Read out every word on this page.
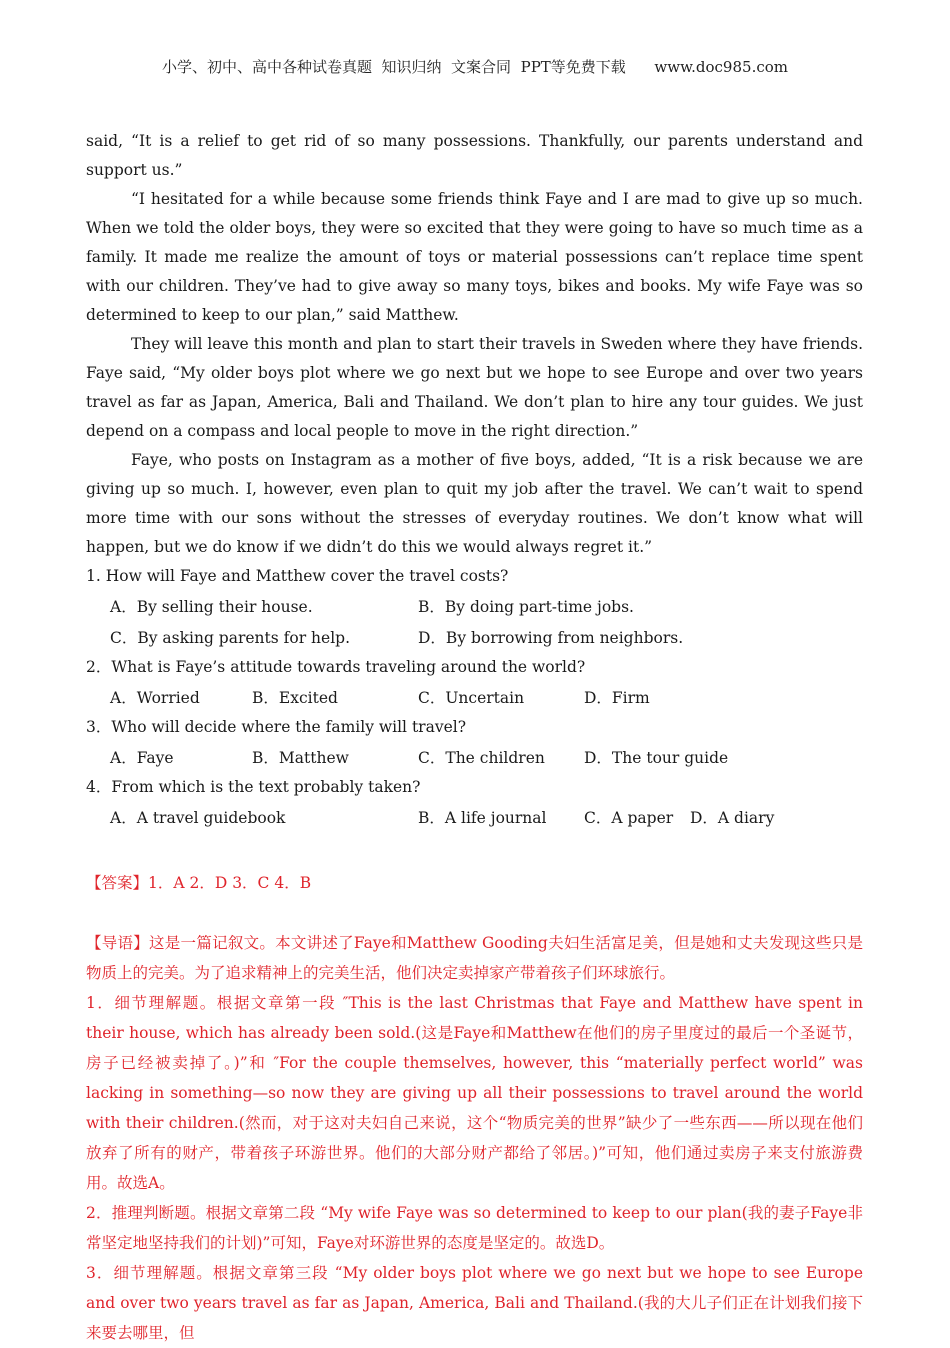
小学、初中、高中各种试卷真题  知识归纳  文案合同  PPT等免费下载      www.doc985.com

said, “It is a relief to get rid of so many possessions. Thankfully, our parents understand and support us.”

“I hesitated for a while because some friends think Faye and I are mad to give up so much. When we told the older boys, they were so excited that they were going to have so much time as a family. It made me realize the amount of toys or material possessions can’t replace time spent with our children. They’ve had to give away so many toys, bikes and books. My wife Faye was so determined to keep to our plan,” said Matthew.

They will leave this month and plan to start their travels in Sweden where they have friends. Faye said, “My older boys plot where we go next but we hope to see Europe and over two years travel as far as Japan, America, Bali and Thailand. We don’t plan to hire any tour guides. We just depend on a compass and local people to move in the right direction.”

Faye, who posts on Instagram as a mother of five boys, added, “It is a risk because we are giving up so much. I, however, even plan to quit my job after the travel. We can’t wait to spend more time with our sons without the stresses of everyday routines. We don’t know what will happen, but we do know if we didn’t do this we would always regret it.”

1. How will Faye and Matthew cover the travel costs?

A．By selling their house.	B．By doing part-time jobs.
C．By asking parents for help.	D．By borrowing from neighbors.

2．What is Faye’s attitude towards traveling around the world?

A．Worried	B．Excited	C．Uncertain	D．Firm

3．Who will decide where the family will travel?

A．Faye	B．Matthew	C．The children	D．The tour guide

4．From which is the text probably taken?

A．A travel guidebook	B．A life journal C．A paper D．A diary

【答案】1．A 2．D 3．C 4．B

【导语】这是一篇记叙文。本文讲述了Faye和Matthew Gooding夫妇生活富足美，但是她和丈夫发现这些只是物质上的完美。为了追求精神上的完美生活，他们决定卖掉家产带着孩子们环球旅行。

1．细节理解题。根据文章第一段 ″This is the last Christmas that Faye and Matthew have spent in their house, which has already been sold.(这是Faye和Matthew在他们的房子里度过的最后一个圣诞节，房子已经被卖掉了。)”和 ″For the couple themselves, however, this “materially perfect world” was lacking in something—so now they are giving up all their possessions to travel around the world with their children.(然而，对于这对夫妇自己来说，这个“物质完美的世界”缺少了一些东西——所以现在他们放弃了所有的财产，带着孩子环游世界。他们的大部分财产都给了邻居。)”可知，他们通过卖房子来支付旅游费用。故选A。

2．推理判断题。根据文章第二段 “My wife Faye was so determined to keep to our plan(我的妻子Faye非常坚定地坚持我们的计划)”可知，Faye对环游世界的态度是坚定的。故选D。

3．细节理解题。根据文章第三段 “My older boys plot where we go next but we hope to see Europe and over two years travel as far as Japan, America, Bali and Thailand.(我的大儿子们正在计划我们接下来要去哪里，但
